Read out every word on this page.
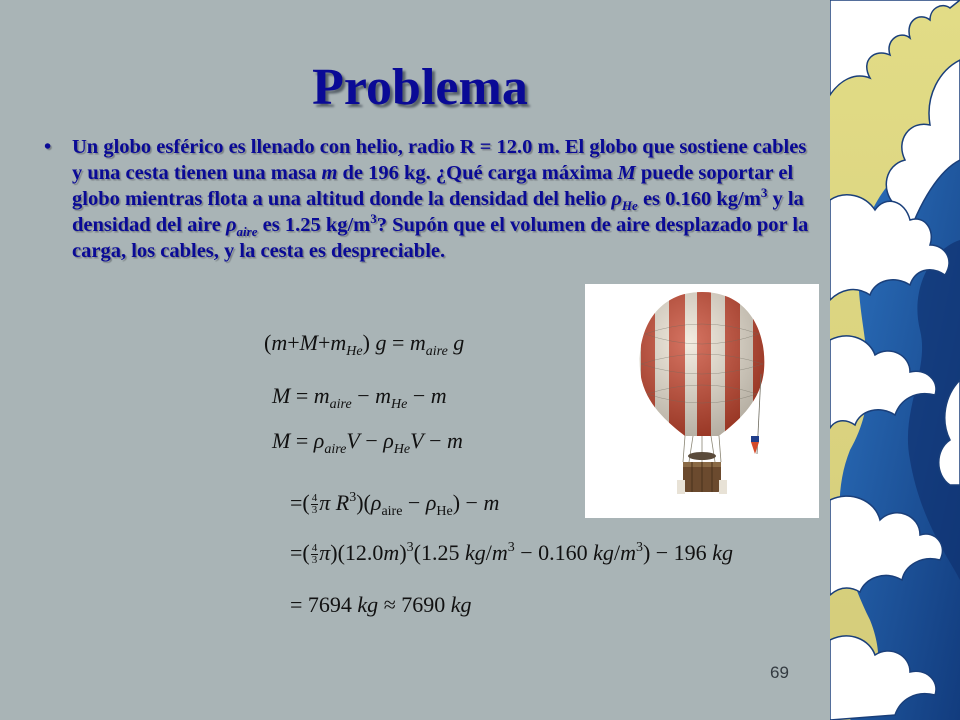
Problema
• Un globo esférico es llenado con helio, radio R = 12.0 m. El globo que sostiene cables y una cesta tienen una masa m de 196 kg. ¿Qué carga máxima M puede soportar el globo mientras flota a una altitud donde la densidad del helio $\rho_{He}$ es 0.160 $kg/m^3$ y la densidad del aire $\rho_{aire}$ es 1.25 $kg/m^3$? Supón que el volumen de aire desplazado por la carga, los cables, y la cesta es despreciable.
$(m+M+m_{He}) g = m_{aire}$ g
$M = m_{aire} - m_{He} - m$
$M = \rho_{aire}V - \rho_{He}V - m$
=( $\frac{4}{3}$ π $R^3)(\rho_{aire} - \rho_{He}) - m$
=( $\frac{4}{3} \pi)(12.0m)^3(1.25$ $kg/m^3 - 0.160$ $kg/m^3) - 196$ kg
= 7694 kg ≈ 7690 kg
69
